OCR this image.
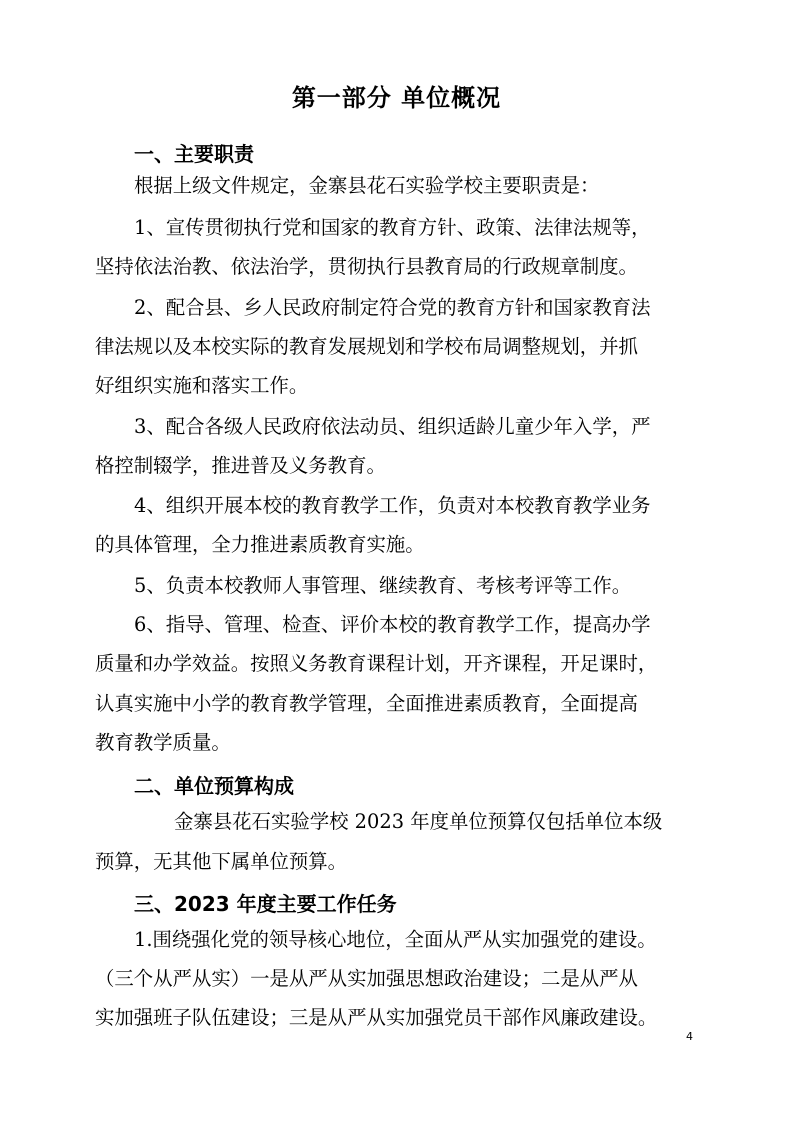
第一部分 单位概况
一、主要职责

根据上级文件规定，金寨县花石实验学校主要职责是：

1、宣传贯彻执行党和国家的教育方针、政策、法律法规等，

坚持依法治教、依法治学，贯彻执行县教育局的行政规章制度。

2、配合县、乡人民政府制定符合党的教育方针和国家教育法

律法规以及本校实际的教育发展规划和学校布局调整规划，并抓

好组织实施和落实工作。

3、配合各级人民政府依法动员、组织适龄儿童少年入学，严

格控制辍学，推进普及义务教育。

4、组织开展本校的教育教学工作，负责对本校教育教学业务

的具体管理，全力推进素质教育实施。

5、负责本校教师人事管理、继续教育、考核考评等工作。

6、指导、管理、检查、评价本校的教育教学工作，提高办学

质量和办学效益。按照义务教育课程计划，开齐课程，开足课时，

认真实施中小学的教育教学管理，全面推进素质教育，全面提高

教育教学质量。

二、单位预算构成

金寨县花石实验学校 2023 年度单位预算仅包括单位本级

预算，无其他下属单位预算。

三、2023 年度主要工作任务

1.围绕强化党的领导核心地位，全面从严从实加强党的建设。

（三个从严从实）一是从严从实加强思想政治建设；二是从严从

实加强班子队伍建设；三是从严从实加强党员干部作风廉政建设。

4
